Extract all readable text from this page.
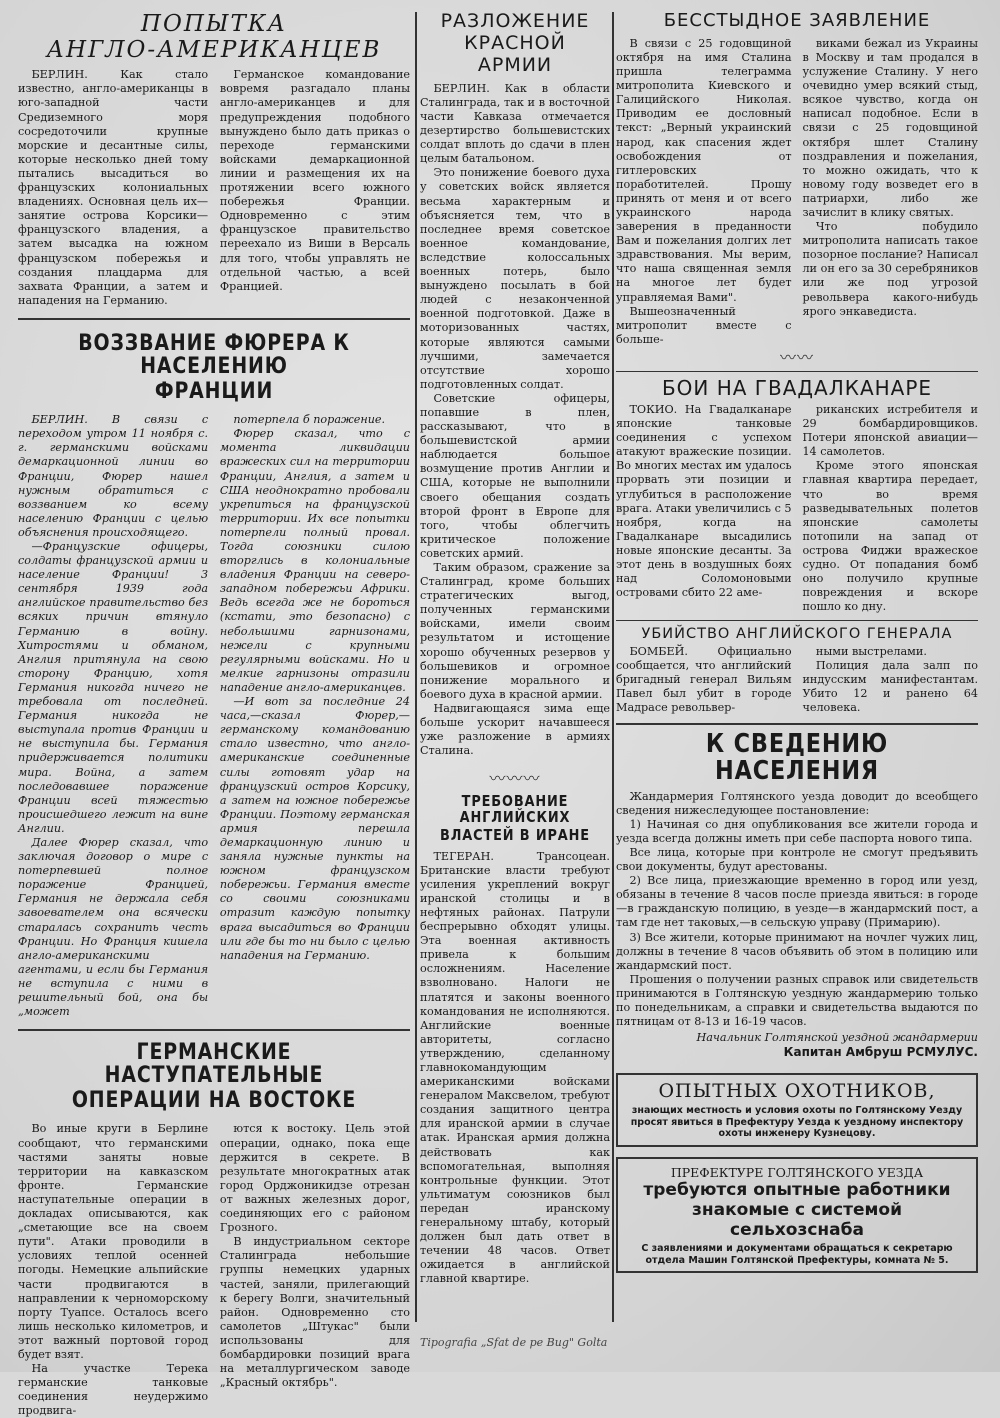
ПОПЫТКА
АНГЛО-АМЕРИКАНЦЕВ

БЕРЛИН. Как стало известно, англо-американцы в юго-западной части Средиземного моря сосредоточили крупные морские и десантные силы, которые несколько дней тому пытались высадиться во французских колониальных владениях. Основная цель их—занятие острова Корсики—французского владения, а затем высадка на южном французском побережья и создания плацдарма для захвата Франции, а затем и нападения на Германию.

Германское командование вовремя разгадало планы англо-американцев и для предупреждения подобного вынуждено было дать приказ о переходе германскими войсками демаркационной линии и размещения их на протяжении всего южного побережья Франции. Одновременно с этим французское правительство переехало из Виши в Версаль для того, чтобы управлять не отдельной частью, а всей Францией.

ВОЗЗВАНИЕ ФЮРЕРА К НАСЕЛЕНИЮ
ФРАНЦИИ

БЕРЛИН. В связи с переходом утром 11 ноября с. г. германскими войсками демаркационной линии во Франции, Фюрер нашел нужным обратиться с воззванием ко всему населению Франции с целью объяснения происходящего.

—Французские офицеры, солдаты французской армии и население Франции! 3 сентября 1939 года английское правительство без всяких причин втянуло Германию в войну. Хитростями и обманом, Англия притянула на свою сторону Францию, хотя Германия никогда ничего не требовала от последней. Германия никогда не выступала против Франции и не выступила бы. Германия придерживается политики мира. Война, а затем последовавшее поражение Франции всей тяжестью происшедшего лежит на вине Англии.

Далее Фюрер сказал, что заключая договор о мире с потерпевшей полное поражение Францией, Германия не держала себя завоевателем она всячески старалась сохранить честь Франции. Но Франция кишела англо-американскими агентами, и если бы Германия не вступила с ними в решительный бой, она бы „может

потерпела б поражение.

Фюрер сказал, что с момента ликвидации вражеских сил на территории Франции, Англия, а затем и США неоднократно пробовали укрепиться на французской территории. Их все попытки потерпели полный провал. Тогда союзники силою вторглись в колониальные владения Франции на северо-западном побережьи Африки. Ведь всегда же не бороться (кстати, это безопасно) с небольшими гарнизонами, нежели с крупными регулярными войсками. Но и мелкие гарнизоны отразили нападение англо-американцев.

—И вот за последние 24 часа,—сказал Фюрер,—германскому командованию стало известно, что англо-американские соединенные силы готовят удар на французский остров Корсику, а затем на южное побережье Франции. Поэтому германская армия перешла демаркационную линию и заняла нужные пункты на южном французском побережьи. Германия вместе со своими союзниками отразит каждую попытку врага высадиться во Франции или где бы то ни было с целью нападения на Германию.

ГЕРМАНСКИЕ НАСТУПАТЕЛЬНЫЕ
ОПЕРАЦИИ НА ВОСТОКЕ

Во иные круги в Берлине сообщают, что германскими частями заняты новые территории на кавказском фронте. Германские наступательные операции в докладах описываются, как „сметающие все на своем пути". Атаки проводили в условиях теплой осенней погоды. Немецкие альпийские части продвигаются в направлении к черноморскому порту Туапсе. Осталось всего лишь несколько километров, и этот важный портовой город будет взят.

На участке Терека германские танковые соединения неудержимо продвига-

ются к востоку. Цель этой операции, однако, пока еще держится в секрете. В результате многократных атак город Орджоникидзе отрезан от важных железных дорог, соединяющих его с районом Грозного.

В индустриальном секторе Сталинграда небольшие группы немецких ударных частей, заняли, прилегающий к берегу Волги, значительный район. Одновременно сто самолетов „Штукас" были использованы для бомбардировки позиций врага на металлургическом заводе „Красный октябрь".

РАЗЛОЖЕНИЕ
КРАСНОЙ
АРМИИ

БЕРЛИН. Как в области Сталинграда, так и в восточной части Кавказа отмечается дезертирство большевистских солдат вплоть до сдачи в плен целым батальоном.

Это понижение боевого духа у советских войск является весьма характерным и объясняется тем, что в последнее время советское военное командование, вследствие колоссальных военных потерь, было вынуждено посылать в бой людей с незаконченной военной подготовкой. Даже в моторизованных частях, которые являются самыми лучшими, замечается отсутствие хорошо подготовленных солдат.

Советские офицеры, попавшие в плен, рассказывают, что в большевистской армии наблюдается большое возмущение против Англии и США, которые не выполнили своего обещания создать второй фронт в Европе для того, чтобы облегчить критическое положение советских армий.

Таким образом, сражение за Сталинград, кроме больших стратегических выгод, полученных германскими войсками, имели своим результатом и истощение хорошо обученных резервов у большевиков и огромное понижение морального и боевого духа в красной армии.

Надвигающаяся зима еще больше ускорит начавшееся уже разложение в армиях Сталина.

〰〰〰
ТРЕБОВАНИЕ АНГЛИЙСКИХ
ВЛАСТЕЙ В ИРАНЕ

ТЕГЕРАН. Трансоцеан. Британские власти требуют усиления укреплений вокруг иранской столицы и в нефтяных районах. Патрули беспрерывно обходят улицы. Эта военная активность привела к большим осложнениям. Население взволновано. Налоги не платятся и законы военного командования не исполняются. Английские военные авторитеты, согласно утверждению, сделанному главнокомандующим американскими войсками генералом Макcвелом, требуют создания защитного центра для иранской армии в случае атак. Иранская армия должна действовать как вспомогательная, выполняя контрольные функции. Этот ультиматум союзников был передан иранскому генеральному штабу, который должен был дать ответ в течении 48 часов. Ответ ожидается в английской главной квартире.

БЕССТЫДНОЕ ЗАЯВЛЕНИЕ

В связи с 25 годовщиной октября на имя Сталина пришла телеграмма митрополита Киевского и Галицийского Николая. Приводим ее дословный текст: „Верный украинский народ, как спасения ждет освобождения от гитлеровских поработителей. Прошу принять от меня и от всего украинского народа заверения в преданности Вам и пожелания долгих лет здравствования. Мы верим, что наша священная земля на многое лет будет управляемая Вами".

Вышеозначенный митрополит вместе с больше-

виками бежал из Украины в Москву и там продался в услужение Сталину. У него очевидно умер всякий стыд, всякое чувство, когда он написал подобное. Если в связи с 25 годовщиной октября шлет Сталину поздравления и пожелания, то можно ожидать, что к новому году возведет его в патриархи, либо же зачислит в клику святых.

Что побудило митрополита написать такое позорное послание? Написал ли он его за 30 серебряников или же под угрозой револьвера какого-нибудь ярого энкаведиста.

〰〰
БОИ НА ГВАДАЛКАНАРЕ

ТОКИО. На Гвадалканаре японские танковые соединения с успехом атакуют вражеские позиции. Во многих местах им удалось прорвать эти позиции и углубиться в расположение врага. Атаки увеличились с 5 ноября, когда на Гвадалканаре высадились новые японские десанты. За этот день в воздушных боях над Соломоновыми островами сбито 22 аме-

риканских истребителя и 29 бомбардировщиков. Потери японской авиации—14 самолетов.

Кроме этого японская главная квартира передает, что во время разведывательных полетов японские самолеты потопили на запад от острова Фиджи вражеское судно. От попадания бомб оно получило крупные повреждения и вскоре пошло ко дну.

УБИЙСТВО АНГЛИЙСКОГО ГЕНЕРАЛА

БОМБЕЙ. Официально сообщается, что английский бригадный генерал Вильям Павел был убит в городе Мадрасе револьвер-

ными выстрелами.

Полиция дала залп по индусским манифестантам. Убито 12 и ранено 64 человека.

К СВЕДЕНИЮ НАСЕЛЕНИЯ

Жандармерия Голтянского уезда доводит до всеобщего сведения нижеследующее постановление:

1) Начиная со дня опубликования все жители города и уезда всегда должны иметь при себе паспорта нового типа.

Все лица, которые при контроле не смогут предъявить свои документы, будут арестованы.

2) Все лица, приезжающие временно в город или уезд, обязаны в течение 8 часов после приезда явиться: в городе—в гражданскую полицию, в уезде—в жандармский пост, а там где нет таковых,—в сельскую управу (Примарию).

3) Все жители, которые принимают на ночлег чужих лиц, должны в течение 8 часов объявить об этом в полицию или жандармский пост.

Прошения о получении разных справок или свидетельств принимаются в Голтянскую уездную жандармерию только по понедельникам, а справки и свидетельства выдаются по пятницам от 8-13 и 16-19 часов.

Начальник Голтянской уездной жандармерии

Капитан Амбруш РСМУЛУС.

ОПЫТНЫХ ОХОТНИКОВ,

знающих местность и условия охоты по Голтянскому Уезду просят явиться в Префектуру Уезда к уездному инспектору охоты инженеру Кузнецову.

ПРЕФЕКТУРЕ ГОЛТЯНСКОГО УЕЗДА

требуются опытные работники
знакомые с системой сельхозснаба

С заявлениями и документами обращаться к секретарю отдела Машин Голтянской Префектуры, комната № 5.

Tipografia „Sfat de pe Bug" Golta
